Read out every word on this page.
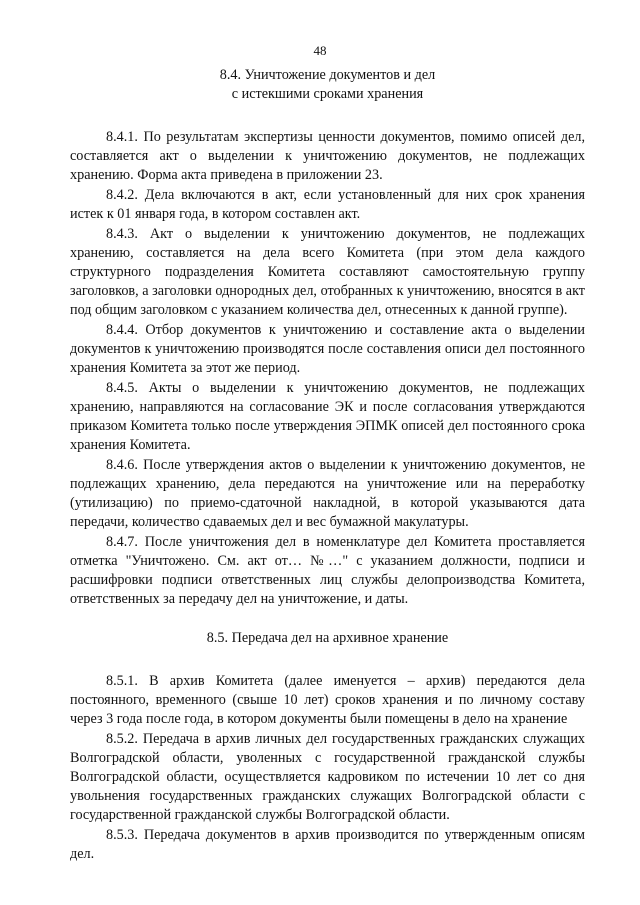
48

8.4. Уничтожение документов и дел

с истекшими сроками хранения

8.4.1. По результатам экспертизы ценности документов, помимо описей дел, составляется акт о выделении к уничтожению документов, не подлежащих хранению. Форма акта приведена в приложении 23.

8.4.2. Дела включаются в акт, если установленный для них срок хранения истек к 01 января года, в котором составлен акт.

8.4.3. Акт о выделении к уничтожению документов, не подлежащих хранению, составляется на дела всего Комитета (при этом дела каждого структурного подразделения Комитета составляют самостоятельную группу заголовков, а заголовки однородных дел, отобранных к уничтожению, вносятся в акт под общим заголовком с указанием количества дел, отнесенных к данной группе).

8.4.4. Отбор документов к уничтожению и составление акта о выделении документов к уничтожению производятся после составления описи дел постоянного хранения Комитета за этот же период.

8.4.5. Акты о выделении к уничтожению документов, не подлежащих хранению, направляются на согласование ЭК и после согласования утверждаются приказом Комитета только после утверждения ЭПМК описей дел постоянного срока хранения Комитета.

8.4.6. После утверждения актов о выделении к уничтожению документов, не подлежащих хранению, дела передаются на уничтожение или на переработку (утилизацию) по приемо-сдаточной накладной, в которой указываются дата передачи, количество сдаваемых дел и вес бумажной макулатуры.

8.4.7. После уничтожения дел в номенклатуре дел Комитета проставляется отметка "Уничтожено. См. акт от… №…" с указанием должности, подписи и расшифровки подписи ответственных лиц службы делопроизводства Комитета, ответственных за передачу дел на уничтожение, и даты.

8.5. Передача дел на архивное хранение

8.5.1. В архив Комитета (далее именуется – архив) передаются дела постоянного, временного (свыше 10 лет) сроков хранения и по личному составу через 3 года после года, в котором документы были помещены в дело на хранение

8.5.2. Передача в архив личных дел государственных гражданских служащих Волгоградской области, уволенных с государственной гражданской службы Волгоградской области, осуществляется кадровиком по истечении 10 лет со дня увольнения государственных гражданских служащих Волгоградской области с государственной гражданской службы Волгоградской области.

8.5.3. Передача документов в архив производится по утвержденным описям дел.
